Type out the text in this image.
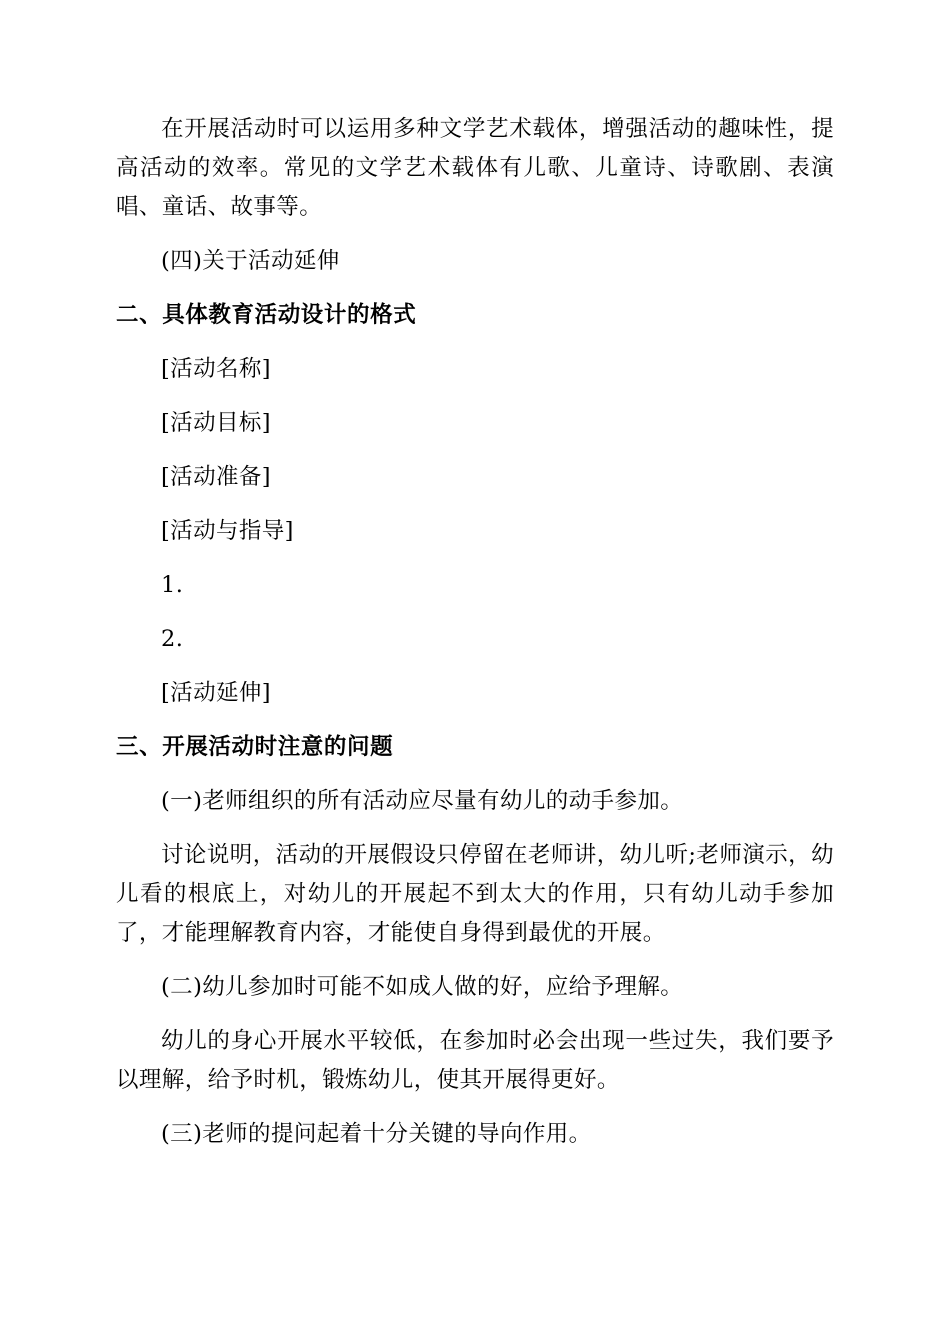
在开展活动时可以运用多种文学艺术载体，增强活动的趣味性，提高活动的效率。常见的文学艺术载体有儿歌、儿童诗、诗歌剧、表演唱、童话、故事等。

(四)关于活动延伸

二、具体教育活动设计的格式
[活动名称]
[活动目标]
[活动准备]
[活动与指导]
1.
2.
[活动延伸]
三、开展活动时注意的问题

(一)老师组织的所有活动应尽量有幼儿的动手参加。

讨论说明，活动的开展假设只停留在老师讲，幼儿听;老师演示，幼儿看的根底上，对幼儿的开展起不到太大的作用，只有幼儿动手参加了，才能理解教育内容，才能使自身得到最优的开展。

(二)幼儿参加时可能不如成人做的好，应给予理解。

幼儿的身心开展水平较低，在参加时必会出现一些过失，我们要予以理解，给予时机，锻炼幼儿，使其开展得更好。

(三)老师的提问起着十分关键的导向作用。
